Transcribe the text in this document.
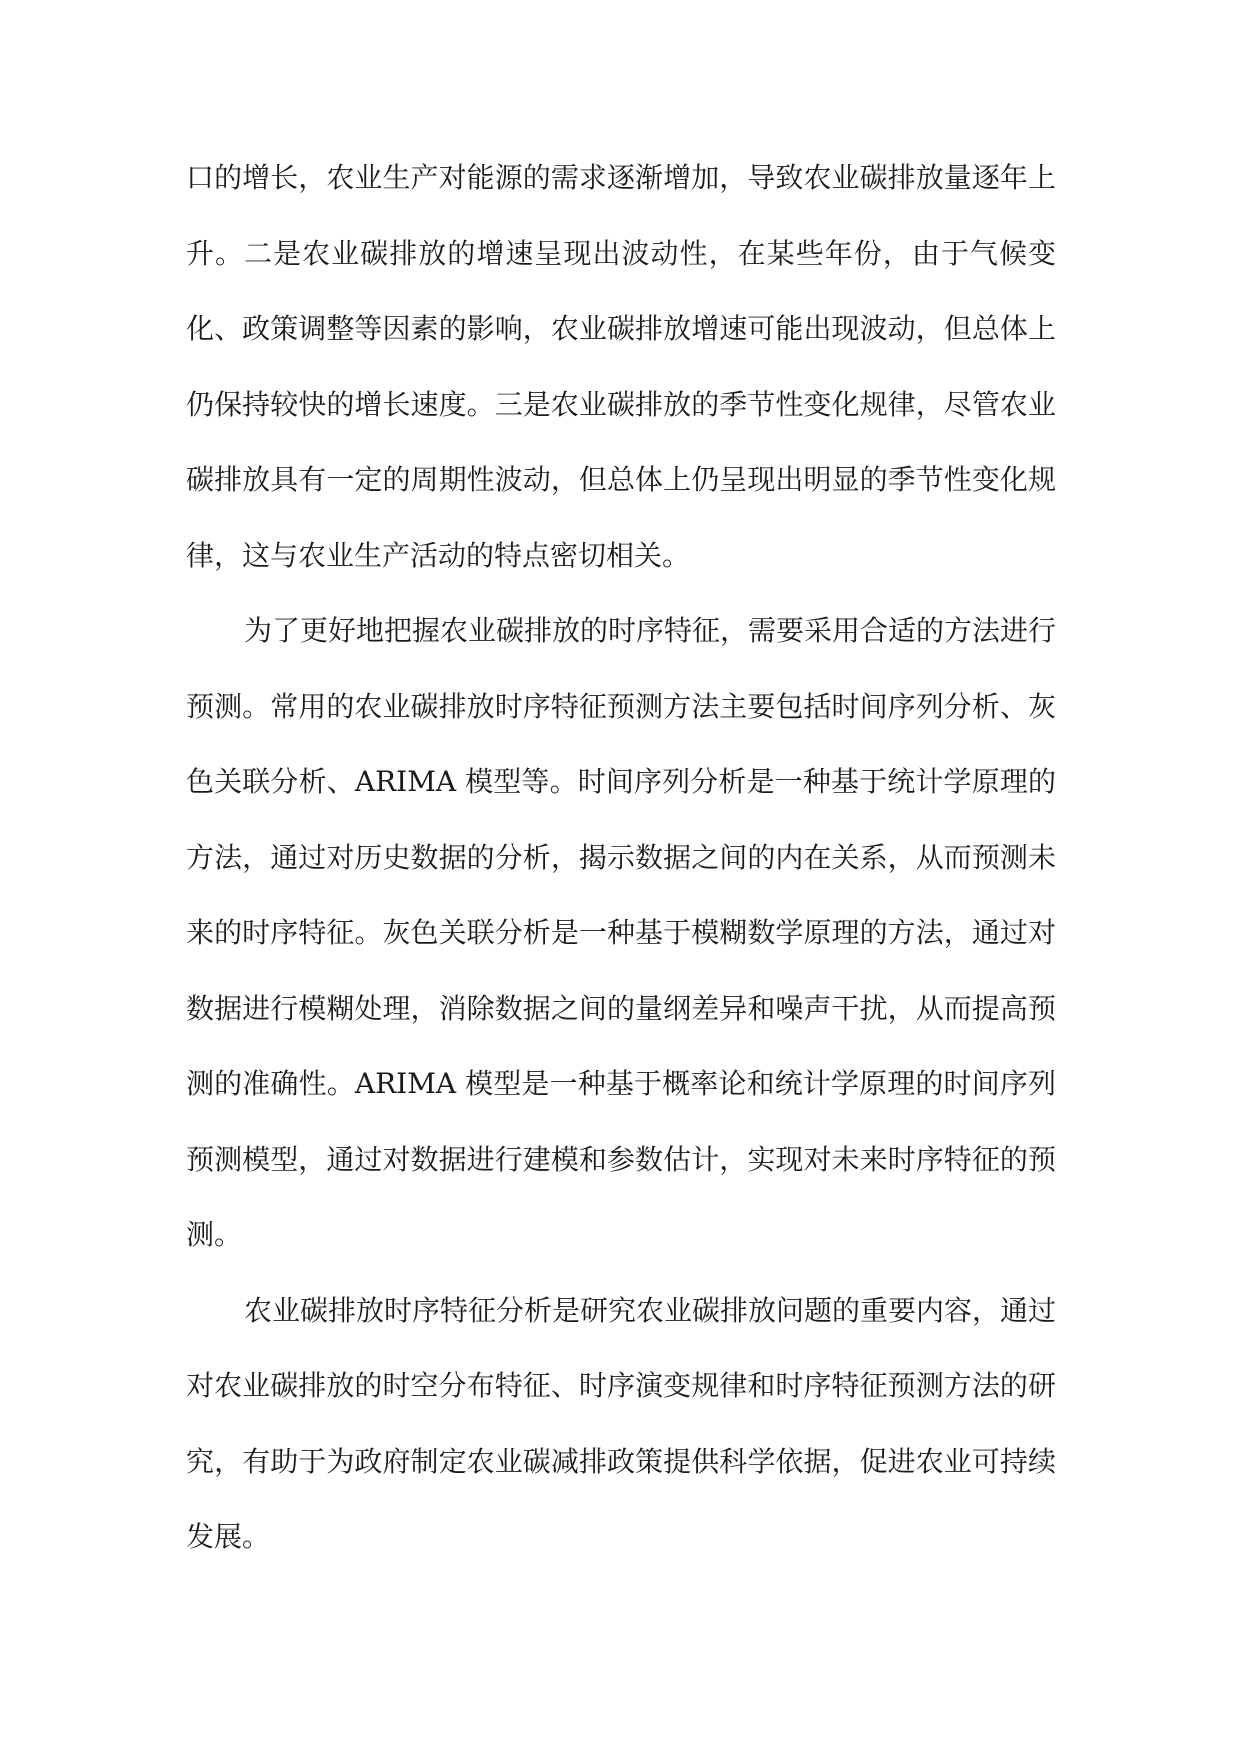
口的增长，农业生产对能源的需求逐渐增加，导致农业碳排放量逐年上升。二是农业碳排放的增速呈现出波动性，在某些年份，由于气候变化、政策调整等因素的影响，农业碳排放增速可能出现波动，但总体上仍保持较快的增长速度。三是农业碳排放的季节性变化规律，尽管农业碳排放具有一定的周期性波动，但总体上仍呈现出明显的季节性变化规律，这与农业生产活动的特点密切相关。

为了更好地把握农业碳排放的时序特征，需要采用合适的方法进行预测。常用的农业碳排放时序特征预测方法主要包括时间序列分析、灰色关联分析、ARIMA 模型等。时间序列分析是一种基于统计学原理的方法，通过对历史数据的分析，揭示数据之间的内在关系，从而预测未来的时序特征。灰色关联分析是一种基于模糊数学原理的方法，通过对数据进行模糊处理，消除数据之间的量纲差异和噪声干扰，从而提高预测的准确性。ARIMA 模型是一种基于概率论和统计学原理的时间序列预测模型，通过对数据进行建模和参数估计，实现对未来时序特征的预测。

农业碳排放时序特征分析是研究农业碳排放问题的重要内容，通过对农业碳排放的时空分布特征、时序演变规律和时序特征预测方法的研究，有助于为政府制定农业碳减排政策提供科学依据，促进农业可持续发展。
